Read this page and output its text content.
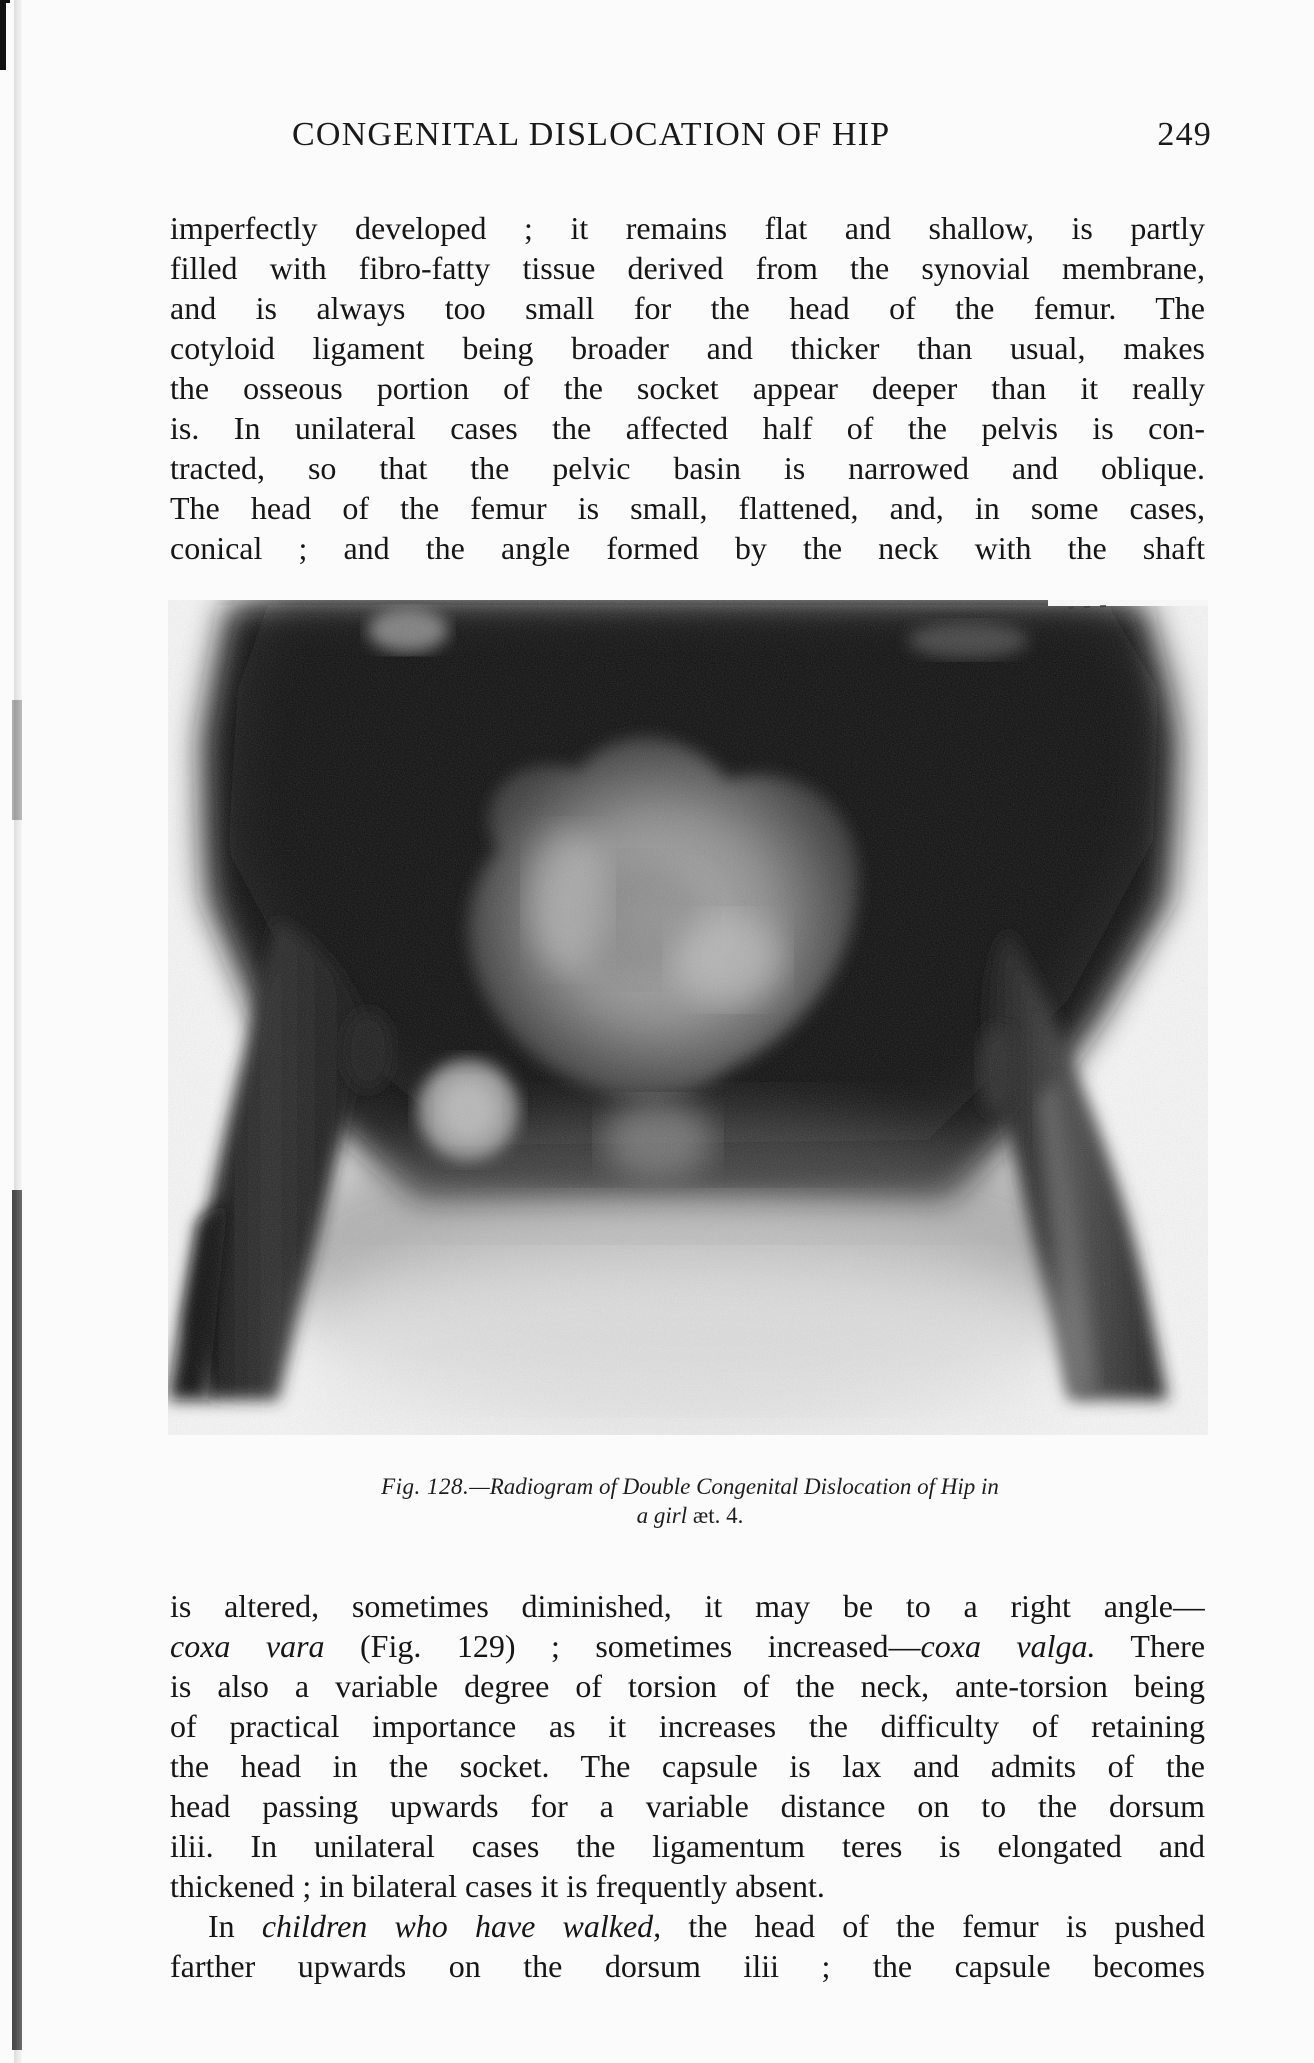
CONGENITAL DISLOCATION OF HIP	249
imperfectly developed ; it remains flat and shallow, is partly
filled with fibro-fatty tissue derived from the synovial membrane,
and is always too small for the head of the femur. The
cotyloid ligament being broader and thicker than usual, makes
the osseous portion of the socket appear deeper than it really
is. In unilateral cases the affected half of the pelvis is con-
tracted, so that the pelvic basin is narrowed and oblique.
The head of the femur is small, flattened, and, in some cases,
conical ; and the angle formed by the neck with the shaft
Fig. 128.—Radiogram of Double Congenital Dislocation of Hip in
a girl æt. 4.
is altered, sometimes diminished, it may be to a right angle—
coxa vara (Fig. 129) ; sometimes increased—coxa valga. There
is also a variable degree of torsion of the neck, ante-torsion being
of practical importance as it increases the difficulty of retaining
the head in the socket. The capsule is lax and admits of the
head passing upwards for a variable distance on to the dorsum
ilii. In unilateral cases the ligamentum teres is elongated and
thickened ; in bilateral cases it is frequently absent.
In children who have walked, the head of the femur is pushed
farther upwards on the dorsum ilii ; the capsule becomes
